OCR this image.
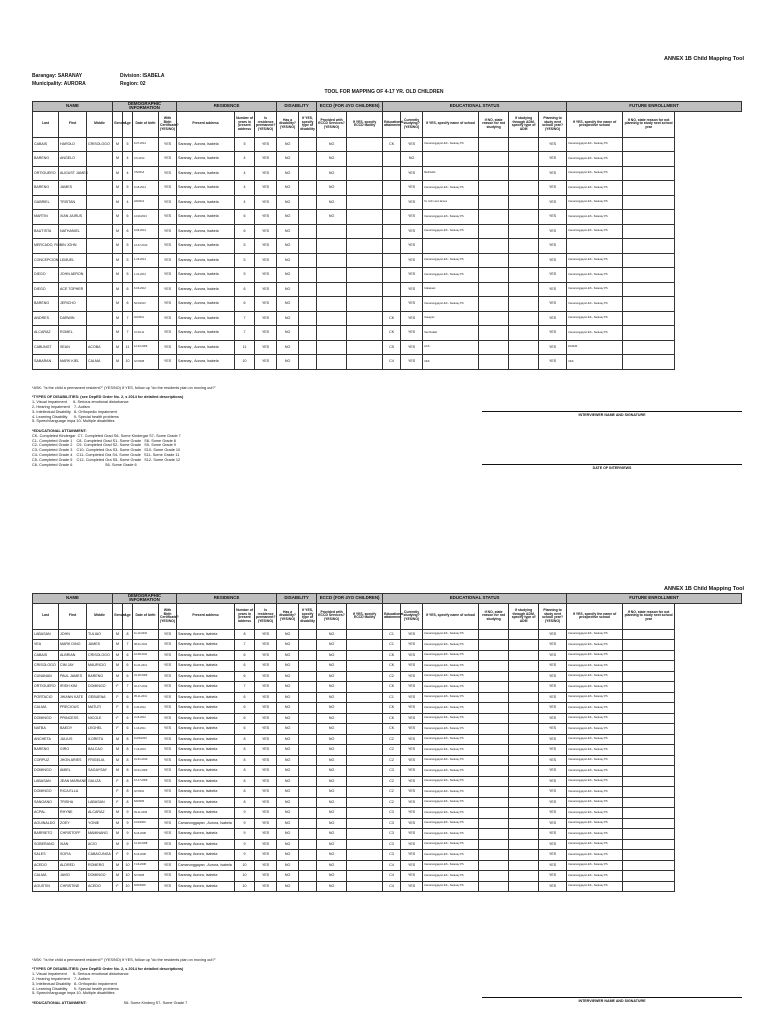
ANNEX 1B Child Mapping Tool
Barangay: SARANAY	Division: ISABELA
Municipality: AURORA	Region: 02
TOOL FOR MAPPING OF 4-17 YR. OLD CHILDREN
NAME			DEMOGRAPHIC INFORMATION				RESIDENCE			DISABILITY		ECCD (FOR 4YO CHILDREN)		EDUCATIONAL STATUS						FUTURE ENROLLMENT	
Last	First	Middle	Gender	Age	Date of birth	With Birth Certificate? (YES/NO)	Present address	Number of years in present address	Is residence permanent? (YES/NO)	Has a disability? (YES/NO)	If YES, specify type of disability	Provided with ECCD Services? (YES/NO)	If YES, specify ECCD facility	Educational attainment	Currently studying? (YES/NO)	If YES, specify name of school	If NO, state reason for not studying	If studying through ADM, specify type of ADM	Planning to study next school year? (YES/NO)	If YES, specify the name of prospective school	If NO, state reason for not planning to study next school year
CABAIS	HAROLD	CRISOLOGO	M	5	9-07-2014	YES	Saranay , Aurora, Isabela	5	YES	NO		NO		CK	YES	Camarunggayan ES - Saranay PS			YES	Camarunggayan ES - Saranay PS	
BARENG	ANGELO		M	4	3-5-2014	YES	Saranay , Aurora, Isabela	4	YES	NO		NO			NO				YES	Camarunggayan ES - Saranay PS	
ORTIGUERO	AUGUST JAMES		M	4	7/5/2014	YES	Saranay , Aurora, Isabela	4	YES	NO		NO			YES	Methodist			YES	Camarunggayan ES - Saranay PS	
BARENG	JAMES		M	5	9-18-2014	YES	Saranay , Aurora, Isabela	4	YES	NO		NO			YES	Camarunggayan ES - Saranay PS			YES	Camarunggayan ES - Saranay PS	
GABRIEL	TRISTAN		M	4	2/9/2014	YES	Saranay , Aurora, Isabela	4	YES	NO		NO			YES	St. John and James			YES	Camarunggayan ES - Saranay PS	
MARTIN	XIAN JAIRUS		M	6	12/11/2013	YES	Saranay , Aurora, Isabela	6	YES	NO		NO			YES	Camarunggayan ES - Saranay PS			YES	Camarunggayan ES - Saranay PS	
BAUTISTA	NATHANIEL		M	6	9-09-2013	YES	Saranay , Aurora, Isabela	6	YES	NO					YES	Camarunggayan ES - Saranay PS			YES	Camarunggayan ES - Saranay PS	
MERCADO, ROBIN JOHN			M	5	12-07-2013	YES	Saranay , Aurora, Isabela	5	YES	NO					YES				YES		
CONCEPCION	LEMUEL		M	5	1-16-2014	YES	Saranay , Aurora, Isabela	5	YES	NO					YES	Camarunggayan ES - Saranay PS			YES	Camarunggayan ES - Saranay PS	
DIEGO	JOHN AERON		M	5	1-31-2014	YES	Saranay , Aurora, Isabela	5	YES	NO					YES	Camarunggayan ES - Saranay PS			YES	Camarunggayan ES - Saranay PS	
DIEGO	ACE TOPHER		M	6	6-03-2012	YES	Saranay , Aurora, Isabela	6	YES	NO					YES	Cabatuan			YES	Camarunggayan ES - Saranay PS	
BARENG	JERICHO		M	6	5/21/2013	YES	Saranay , Aurora, Isabela	6	YES	NO					YES	Camarunggayan ES - Saranay PS			YES	Camarunggayan ES - Saranay PS	
ANDRES	DARWIN		M	7	3/3/2011	YES	Saranay , Aurora, Isabela	7	YES	NO				CK	YES	Cauayan			YES	Camarunggayan ES - Saranay PS	
ALCARAZ	ROMEL		M	7	10-09-11	YES	Saranay , Aurora, Isabela	7	YES	NO				CK	YES	San Rafael			YES	Camarunggayan ES - Saranay PS	
CABUNGT	SEAN	ACOBA	M	11	12-22-2006	YES	Saranay , Aurora, Isabela	11	YES	NO				C5	YES	ACS			YES	DANHS	
SABARAN	MARK KIEL	CALMA	M	10	4/7/2008	YES	Saranay , Aurora, Isabela	10	YES	NO				C4	YES	CES			YES	CES	

*ASK: "Is the child a permanent resident?" (YES/NO) If YES, follow up "do the residents plan on moving out?"

*TYPES OF DISABILITIES: (see DepED Order No. 2, s 2014 for detailed descriptions)
1- Visual Impairment      6- Serious emotional disturbance
2- Hearing Impairment    7- Autism
3- Intellectual Disability   8- Orthopedic impairment
4- Learning Disability      9- Special health problems
5- Speech/language impa 10- Multiple disabilities

*EDUCATIONAL ATTAINMENT:
CK- Completed Kindergar  C7- Completed Grad S6- Some Kindergar S7- Some Grade 7
C1- Completed Grade 1    C8- Completed Grad S1- Some Grade   S8- Some Grade 8
C2- Completed Grade 2    C9- Completed Grad S2- Some Grade   S9- Some Grade 9
C3- Completed Grade 3    C10- Completed Gra S3- Some Grade   S10- Some Grade 10
C4- Completed Grade 4    C11- Completed Gra S4- Some Grade   S11- Some Grade 11
C5- Completed Grade 5    C12- Completed Gra S5- Some Grade   S12- Some Grade 12
C6- Completed Grade 6                               S6- Some Grade 6

INTERVIEWER NAME AND SIGNATURE
DATE OF INTERVIEWS
ANNEX 1B Child Mapping Tool
NAME			DEMOGRAPHIC INFORMATION				RESIDENCE			DISABILITY		ECCD (FOR 4YO CHILDREN)		EDUCATIONAL STATUS						FUTURE ENROLLMENT	
Last	First	Middle	Gender	Age	Date of birth	With Birth Certificate? (YES/NO)	Present address	Number of years in present address	Is residence permanent? (YES/NO)	Has a disability? (YES/NO)	If YES, specify type of disability	Provided with ECCD Services? (YES/NO)	If YES, specify ECCD facility	Educational attainment	Currently studying? (YES/NO)	If YES, specify name of school	If NO, state reason for not studying	If studying through ADM, specify type of ADM	Planning to study next school year? (YES/NO)	If YES, specify the name of prospective school	If NO, state reason for not planning to study next school year
LABASAN	JOHN	TULIAO	M	8	11-10-2010	YES	Saranay, Aurora, Isabela	8	YES	NO		NO		C1	YES	Camarunggayan ES - Saranay PS			YES	Camarunggayan ES - Saranay PS	
VEA	MARK DINO	JAMES	M	7	08-01-2011	YES	Saranay, Aurora, Isabela	7	YES	NO		NO		C1	YES	Camarunggayan ES - Saranay PS			YES	Camarunggayan ES - Saranay PS	
CABAIS	ALBRIAN	CRISOLOGO	M	6	10-08-2011	YES	Saranay, Aurora, Isabela	6	YES	NO		NO		CK	YES	Camarunggayan ES - Saranay PS			YES	Camarunggayan ES - Saranay PS	
CRISOLOGO	CIM JAY	MAURICIO	M	6	11-21-2011	YES	Saranay, Aurora, Isabela	6	YES	NO		NO		CK	YES	Camarunggayan ES - Saranay PS			YES	Camarunggayan ES - Saranay PS	
CUNANAN	PAUL JAMES	BARENG	M	6	01-18-2009	YES	Saranay, Aurora, Isabela	6	YES	NO		NO		C2	YES	Camarunggayan ES - Saranay PS			YES	Camarunggayan ES - Saranay PS	
ORTIGUERO	IRISH KIM	DOMINGO	F	7	02-17-2012	YES	Saranay, Aurora, Isabela	7	YES	NO		NO		CK	YES	Camarunggayan ES - Saranay PS			YES	Camarunggayan ES - Saranay PS	
PORTACIO	JHIANN KATE	GEBUENA	F	6	05-11-2011	YES	Saranay, Aurora, Isabela	6	YES	NO		NO		C1	YES	Camarunggayan ES - Saranay PS			YES	Camarunggayan ES - Saranay PS	
CALMA	PRECIOUS	MATUTI	F	6	4-30-2012	YES	Saranay, Aurora, Isabela	6	YES	NO		NO		CK	YES	Camarunggayan ES - Saranay PS			YES	Camarunggayan ES - Saranay PS	
DOMINGO	PRINCESS	NICOLE	F	6	3-16-2012	YES	Saranay, Aurora, Isabela	6	YES	NO		NO		CK	YES	Camarunggayan ES - Saranay PS			YES	Camarunggayan ES - Saranay PS	
NATBA	BAEDY	LEGHEL	F	6	1-16-2011	YES	Saranay, Aurora, Isabela	6	YES	NO		NO		CK	YES	Camarunggayan ES - Saranay PS			YES	Camarunggayan ES - Saranay PS	
ANCHETA	JULIUS	ILORETA	M	8	11/23/2010	YES	Saranay, Aurora, Isabela	8	YES	NO		NO		C2	YES	Camarunggayan ES - Saranay PS			YES	Camarunggayan ES - Saranay PS	
BARENG	GIRO	BALCAO	M	8	7-13-2010	YES	Saranay, Aurora, Isabela	8	YES	NO		NO		C2	YES	Camarunggayan ES - Saranay PS			YES	Camarunggayan ES - Saranay PS	
CORPUZ	JHON ARIES	FRIGELIA	M	8	01-31-2010	YES	Saranay, Aurora, Isabela	8	YES	NO		NO		C2	YES	Camarunggayan ES - Saranay PS			YES	Camarunggayan ES - Saranay PS	
DOMINGO	AMIEL	SAGAYSAY	M	8	02-01-2009	YES	Saranay, Aurora, Isabela	8	YES	NO		NO		C3	YES	Camarunggayan ES - Saranay PS			YES	Camarunggayan ES - Saranay PS	
LABASAN	JEAN MARIANE	GALIZA	F	8	12-17-2009	YES	Saranay, Aurora, Isabela	8	YES	NO		NO		C2	YES	Camarunggayan ES - Saranay PS			YES	Camarunggayan ES - Saranay PS	
DOMINGO	RICA ELLA		F	8	4/7/2010	YES	Saranay, Aurora, Isabela	8	YES	NO		NO		C2	YES	Camarunggayan ES - Saranay PS			YES	Camarunggayan ES - Saranay PS	
SANGANO	TRISHA	LABASAN	F	8	6/9/2009	YES	Saranay, Aurora, Isabela	8	YES	NO		NO		C2	YES	Camarunggayan ES - Saranay PS			YES	Camarunggayan ES - Saranay PS	
ACPAL	RHYNE	ALCARAZ	M	9	09-11-2009	YES	Saranay, Aurora, Isabela	9	YES	NO		NO		C3	YES	Camarunggayan ES - Saranay PS			YES	Camarunggayan ES - Saranay PS	
AGUINALDO	ZOEY	YONIE	M	9	10/1/2009	YES	Camarunggayan , Aurora, Isabela	9	YES	NO		NO		C3	YES	Camarunggayan ES - Saranay PS			YES	Camarunggayan ES - Saranay PS	
BARRIETO	CHRISTOFF	MAMINANG	M	9	8-16-2008	YES	Saranay, Aurora, Isabela	9	YES	NO		NO		C3	YES	Camarunggayan ES - Saranay PS			YES	Camarunggayan ES - Saranay PS	
SOBERANO	XIAN	ACIO	M	9	12-18-2008	YES	Saranay, Aurora, Isabela	9	YES	NO		NO		C3	YES	Camarunggayan ES - Saranay PS			YES	Camarunggayan ES - Saranay PS	
SALES	SOFIA	CABACUNGA	F	9	8-16-2008	YES	Saranay, Aurora, Isabela	9	YES	NO		NO		C3	YES	Camarunggayan ES - Saranay PS			YES	Camarunggayan ES - Saranay PS	
ACEDO	ALDRED	ROMERO	M	10	7-16-2008	YES	Camarunggayan , Aurora, Isabela	10	YES	NO		NO		C4	YES	Camarunggayan ES - Saranay PS			YES	Camarunggayan ES - Saranay PS	
CALMA	JAVID	DOMINGO	M	10	5/7/2008	YES	Saranay, Aurora, Isabela	10	YES	NO		NO		C4	YES	Camarunggayan ES - Saranay PS			YES	Camarunggayan ES - Saranay PS	
AGUSTIN	CHRISTINE	ACEDO	F	10	6/30/2008	YES	Saranay, Aurora, Isabela	10	YES	NO		NO		C4	YES	Camarunggayan ES - Saranay PS			YES	Camarunggayan ES - Saranay PS	

*ASK: "Is the child a permanent resident?" (YES/NO) If YES, follow up "do the residents plan on moving out?"

*TYPES OF DISABILITIES: (see DepED Order No. 2, s 2014 for detailed descriptions)
1- Visual Impairment      6- Serious emotional disturbance
2- Hearing Impairment    7- Autism
3- Intellectual Disability   8- Orthopedic impairment
4- Learning Disability      9- Special health problems
5- Speech/language impa 10- Multiple disabilities

*EDUCATIONAL ATTAINMENT:	S6- Some Kinderg S7- Some Grade 7
	INTERVIEWER NAME AND SIGNATURE
